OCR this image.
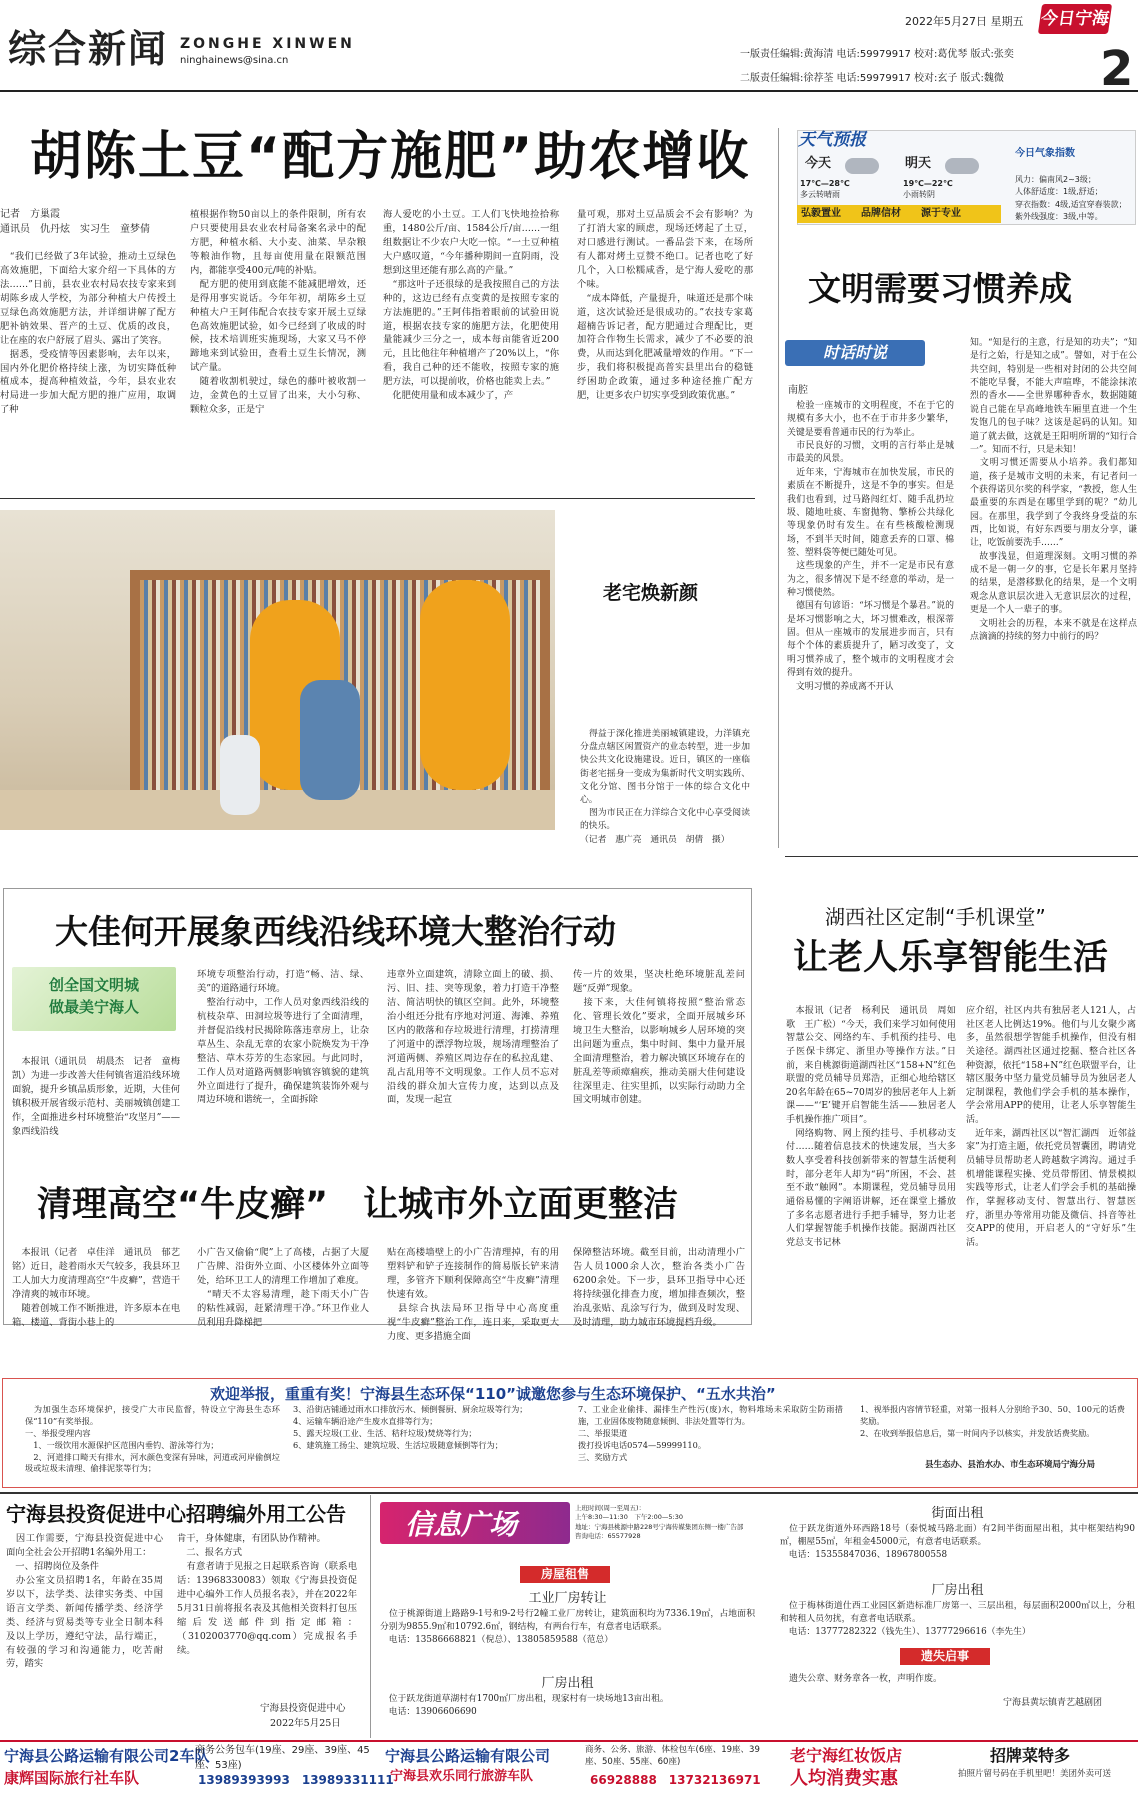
综合新闻 ZONGHE XINWEN
ninghainews@sina.cn
2022年5月27日 星期五 今日宁海
2
一版责任编辑:黄海清 电话:59979917 校对:葛优琴 版式:张奕
二版责任编辑:徐荐荃 电话:59979917 校对:玄子 版式:魏微
胡陈土豆“配方施肥”助农增收
记者　方巢霞
通讯员　仇丹炫　实习生　童梦倩
　“我们已经做了3年试验，推动土豆绿色高效施肥，下面给大家介绍一下具体的方法……”日前，县农业农村局农技专家来到胡陈乡成人学校，为部分种植大户传授土豆绿色高效施肥方法，并详细讲解了配方肥补钠效果、晋产的土豆、优质的改良，让在座的农户舒展了眉头、露出了笑容。
　据悉，受疫情等因素影响，去年以来，国内外化肥价格持续上涨，为切实降低种植成本，提高种植效益，今年，县农业农村局进一步加大配方肥的推广应用，取调了种
植根据作物50亩以上的条件限制，所有农户只要使用县农业农村局备案名录中的配方肥，种植水稻、大小麦、油菜、旱杂粮等粮油作物，且每亩使用量在限额范围内，都能享受400元/吨的补贴。
　配方肥的使用到底能不能减肥增效，还是得用事实说话。今年年初，胡陈乡土豆种植大户王阿伟配合农技专家开展土豆绿色高效施肥试验，如今已经到了收成的时候，技术培训班实施现场，大家又马不停蹄地来到试验田，查看土豆生长情况，测试产量。
　随着收割机驶过，绿色的藤叶被收割一边，金黄色的土豆冒了出来，大小匀称、颗粒众多，正是宁
海人爱吃的小土豆。工人们飞快地捡拾称重，1480公斤/亩、1584公斤/亩……一组组数据让不少农户大吃一惊。“一土豆种植大户感叹道，“今年播种期间一直阴雨，没想到这里还能有那么高的产量。”
　“那这叶子还很绿的是我按照自己的方法种的，这边已经有点变黄的是按照专家的方法施肥的。”王阿伟指着眼前的试验田说道，根据农技专家的施肥方法，化肥使用量能减少三分之一，成本每亩能省近200元，且比他往年种植增产了20%以上，“你看，我自己种的还不能收，按照专家的施肥方法，可以提前收，价格也能卖上去。”
　化肥使用量和成本减少了，产
量可观，那对土豆品质会不会有影响？为了打消大家的顾虑，现场还烤起了土豆，对口感进行测试。一番品尝下来，在场所有人都对烤土豆赞不绝口。记者也吃了好几个，入口松糯咸香，是宁海人爱吃的那个味。
　“成本降低，产量提升，味道还是那个味道，这次试验还是很成功的。”农技专家葛超楠告诉记者，配方肥通过合理配比，更加符合作物生长需求，减少了不必要的浪费，从而达到化肥减量增效的作用。“下一步，我们将积极提高普实县里出台的稳链纾困助企政策，通过多种途径推广配方肥，让更多农户切实享受到政策优惠。”
天气预报
今天
17℃—28℃
多云转晴雨
明天
19℃—22℃
小雨转阴
今日气象指数
风力：偏南风2~3级；
人体舒适度：1级,舒适；
穿衣指数：4级,适宜穿春装款；
紫外线强度：3级,中等。
弘毅置业　　品牌信材　　源于专业
文明需要习惯养成
时话时说
南腔
　检验一座城市的文明程度，不在于它的规模有多大小，也不在于市井多少繁华，关键是要看普通市民的行为举止。
　市民良好的习惯，文明的言行举止是城市最美的风景。
　近年来，宁海城市在加快发展，市民的素质在不断提升，这是不争的事实。但是我们也看到，过马路闯红灯、随手乱扔垃圾、随地吐痰、车窗抛物、擎桥公共绿化等现象仍时有发生。在有些核酸检测现场，不到半天时间，随意丢弃的口罩、棉签、塑料袋等便已随处可见。
　这些现象的产生，并不一定是市民有意为之，很多情况下是不经意的举动，是一种习惯使然。
　德国有句谚语：“坏习惯是个暴君。”说的是坏习惯影响之大，坏习惯难改，根深蒂固。但从一座城市的发展进步而言，只有每个个体的素质提升了，陋习改变了，文明习惯养成了，整个城市的文明程度才会得到有效的提升。
　文明习惯的养成离不开认
知。“知是行的主意，行是知的功夫”；“知是行之始，行是知之成”。譬如，对于在公共空间，特别是一些相对封闭的公共空间不能吃早餐，不能大声喧哗，不能涂抹浓烈的香水——全世界哪种香水，数据随随说自己能在早高峰地铁车厢里直进一个生发饱几的包子味？这该是起码的认知。知道了就去做，这就是王阳明所谓的“知行合一”。知而不行，只是未知！
　文明习惯还需要从小培养。我们都知道，孩子是城市文明的未来，有记者问一个获得诺贝尔奖的科学家，“教授，您人生最重要的东西是在哪里学到的呢？”幼儿园。在那里，我学到了令我终身受益的东西，比如说，有好东西要与朋友分享，谦让，吃饭前要洗手……”
　故事浅显，但道理深刻。文明习惯的养成不是一朝一夕的事，它是长年累月坚持的结果，是潜移默化的结果，是一个文明观念从意识层次进入无意识层次的过程，更是一个人一辈子的事。
　文明社会的历程，本来不就是在这样点点滴滴的持续的努力中前行的吗？
老宅焕新颜
　得益于深化推进美丽城镇建设，力洋镇充分盘点辖区闲置资产的业态转型，进一步加快公共文化设施建设。近日，镇区的一座临街老宅摇身一变成为集新时代文明实践所、文化分馆、图书分馆于一体的综合文化中心。
　图为市民正在力洋综合文化中心享受阅读的快乐。
（记者　惠广亮　通讯员　胡倩　摄）
大佳何开展象西线沿线环境大整治行动
创全国文明城
做最美宁海人
　本报讯（通讯员　胡晨杰　记者　童梅凯）为进一步改善大佳何镇省道沿线环境面貌，提升乡镇品质形象，近期，大佳何镇积极开展省级示范村、美丽城镇创建工作，全面推进乡村环境整治“攻坚月”——象西线沿线
环境专项整治行动，打造“畅、洁、绿、美”的道路通行环境。
　整治行动中，工作人员对象西线沿线的杭枝杂草、田洞垃圾等进行了全面清理，并督促沿线村民揭除陈落违章房上，让杂草丛生、杂乱无章的农家小院焕发为干净整洁、草木芬芳的生态家园。与此同时，工作人员对道路两侧影响镇容镇貌的建筑外立面进行了提升，确保建筑装饰外观与周边环境和谐统一，全面拆除
违章外立面建筑，清除立面上的破、损、污、旧、挂、突等现象，着力打造干净整洁、简洁明快的镇区空间。此外，环境整治小组还分批有序地对河道、海滩、养殖区内的散落和存垃圾进行清理，打捞清理了河道中的漂浮物垃圾，规场清理整治了河道两侧、养殖区周边存在的私拉乱建、乱占乱用等不文明现象。工作人员不忘对沿线的群众加大宣传力度，达到以点及面，发现一起宣
传一片的效果，坚决杜绝环境脏乱差问题“反弹”现象。
　接下来，大佳何镇将按照“整治常态化、管理长效化”要求，全面开展城乡环境卫生大整治，以影响城乡人居环境的突出问题为重点，集中时间、集中力量开展全面清理整治，着力解决镇区环境存在的脏乱差等顽瘴痼疾，推动美丽大佳何建设往深里走、往实里抓，以实际行动助力全国文明城市创建。
清理高空“牛皮癣”　让城市外立面更整洁
　本报讯（记者　卓佳洋　通讯员　郁艺铭）近日，趁着雨水天气较多，我县环卫工人加大力度清理高空“牛皮癣”，营造干净清爽的城市环境。
　随着创城工作不断推进，许多原本在电箱、楼道、背街小巷上的
小广告又偷偷“爬”上了高楼，占据了大厦广告牌、沿街外立面、小区楼体外立面等处，给环卫工人的清理工作增加了难度。
　“晴天不太容易清理，趁下雨天小广告的粘性减弱，赶紧清理干净。”环卫作业人员利用升降梯把
贴在高楼墙壁上的小广告清理掉，有的用塑料铲和铲子连接制作的简易版长铲来清理，多管齐下顺利保障高空“牛皮癣”清理快速有效。
　县综合执法局环卫指导中心高度重视“牛皮癣”整治工作，连日来，采取更大力度、更多措施全面
保障整洁环境。截至目前，出动清理小广告人员1000余人次，整治各类小广告6200余处。下一步，县环卫指导中心还将持续强化排查力度，增加排查频次，整治乱张贴、乱涂写行为，做到及时发现、及时清理，助力城市环境提档升级。
湖西社区定制“手机课堂”
让老人乐享智能生活
　本报讯（记者　杨利民　通讯员　周如歌　王广松）“今天，我们来学习如何使用智慧公交、网络约车、手机预约挂号、电子医保卡绑定、浙里办等操作方法。”日前，来自桃源街道湖西社区“158+N”红色联盟的党员辅导员郑浩，正细心地给辖区20名年龄在65~70周岁的独居老年人上新课——“‘E’键开启智能生活——独居老人手机操作推广项目”。
　网络购物、网上预约挂号、手机移动支付……随着信息技术的快速发展，当大多数人享受着科技创新带来的智慧生活便利时，部分老年人却为“码”所困，不会、甚至不敢“触网”。本期课程，党员辅导员用通俗易懂的字阐语讲解，还在课堂上播放了多名志愿者进行手把手辅导，努力让老人们掌握智能手机操作技能。据湖西社区党总支书记林
应介绍，社区内共有独居老人121人，占社区老人比例达19%。他们与儿女聚少离多，虽然很想学智能手机操作，但没有相关途径。湖西社区通过挖掘、整合社区各种资源，依托“158+N”红色联盟平台，让辖区服务中坚力量党员辅导员为独居老人定制课程，教他们学会手机的基本操作，学会常用APP的使用，让老人乐享智能生活。
　近年来，湖西社区以“智汇湖西　近邻益家”为打造主题，依托党员智囊团，聘请党员辅导员帮助老人跨越数字鸿沟。通过手机增能课程实操、党员带帮团、情景模拟实践等形式，让老人们学会手机的基础操作，掌握移动支付、智慧出行、智慧医疗，浙里办等常用功能及微信、抖音等社交APP的使用，开启老人的“守好乐”生活。
欢迎举报，重重有奖！宁海县生态环保“110”诚邀您参与生态环境保护、“五水共治”
　为加强生态环境保护，接受广大市民监督，特设立宁海县生态环保“110”有奖举报。
一、举报受理内容
　1、一级饮用水源保护区范围内垂钓、游泳等行为；
　2、河道排口畸天有排水，河水颜色变深有异味，河道或河岸偷倒垃圾或垃圾未清理、偷排泥浆等行为；
3、沿街店铺通过雨水口排放污水、倾倒餐厨、厨余垃圾等行为；
4、运输车辆沿途产生废水直排等行为；
5、露天垃圾(工业、生活、秸秆垃圾)焚烧等行为；
6、建筑施工扬尘、建筑垃圾、生活垃圾随意倾倒等行为；
7、工业企业偷排、漏排生产性污(废)水，物料堆场未采取防尘防雨措施，工业固体废物随意倾倒、非法处置等行为。
二、举报渠道
拨打投诉电话0574—59999110。
三、奖励方式
1、视举报内容情节轻重，对第一报料人分别给予30、50、100元的话费奖励。
2、在收到举报信息后，第一时间内予以核实，并发放话费奖励。
县生态办、县治水办、市生态环境局宁海分局
宁海县投资促进中心招聘编外用工公告
　因工作需要，宁海县投资促进中心面向全社会公开招聘1名编外用工：
　一、招聘岗位及条件
　办公室文员招聘1名，年龄在35周岁以下，法学类、法律实务类、中国语言文学类、新闻传播学类、经济学类、经济与贸易类等专业全日制本科及以上学历，遵纪守法，品行端正，有较强的学习和沟通能力，吃苦耐劳，踏实
肯干，身体健康，有团队协作精神。
　二、报名方式
　有意者请于见报之日起联系咨询（联系电话：13968330083）领取《宁海县投资促进中心编外工作人员报名表》，并在2022年5月31日前将报名表及其他相关资料打包压缩后发送邮件到指定邮箱：（3102003770@qq.com）完成报名手续。
宁海县投资促进中心
2022年5月25日
信息广场	上班时间(周一至周五)：
上午8:30—11:30　下午2:00—5:30
地址：宁海县桃源中路228号宁海传媒集团东侧一楼广告部
咨询电话：65577928
房屋租售
工业厂房转让
　位于桃源街道上路路9-1号和9-2号行2幢工业厂房转让，建筑面积均为7336.19㎡，占地面积分别为9855.9㎡和10792.6㎡，钢结构，有两台行车，有意者电话联系。
　电话：13586668821（倪总）、13805859588（范总）
厂房出租
　位于跃龙街道草湖村有1700㎡厂房出租，现家村有一块场地13亩出租。
　电话：13906606690
街面出租
　位于跃龙街道外环西路18号（泰悦城马路北面）有2间半街面屋出租，其中框架结构90㎡，棚屋55㎡，年租金45000元，有意者电话联系。
　电话：15355847036、18967800558
厂房出租
　位于梅林街道仕西工业园区新造标准厂房第一、三层出租，每层面积2000㎡以上，分租和转租人员勿扰，有意者电话联系。
　电话：13777282322（钱先生）、13777296616（李先生）
遗失启事
　遗失公章、财务章各一枚，声明作废。
宁海县黄坛镇青艺越剧团
宁海县公路运输有限公司2车队
康辉国际旅行社车队
商务公务包车(19座、29座、39座、45座、53座)
13989393993　13989331111
宁海县公路运输有限公司
宁海县欢乐同行旅游车队
商务、公务、旅游、体检包车(6座、19座、39座、50座、55座、60座)
66928888　13732136971
老宁海红妆饭店
人均消费实惠
招牌菜特多
拍照片留号码在手机里吧！美团外卖可送
